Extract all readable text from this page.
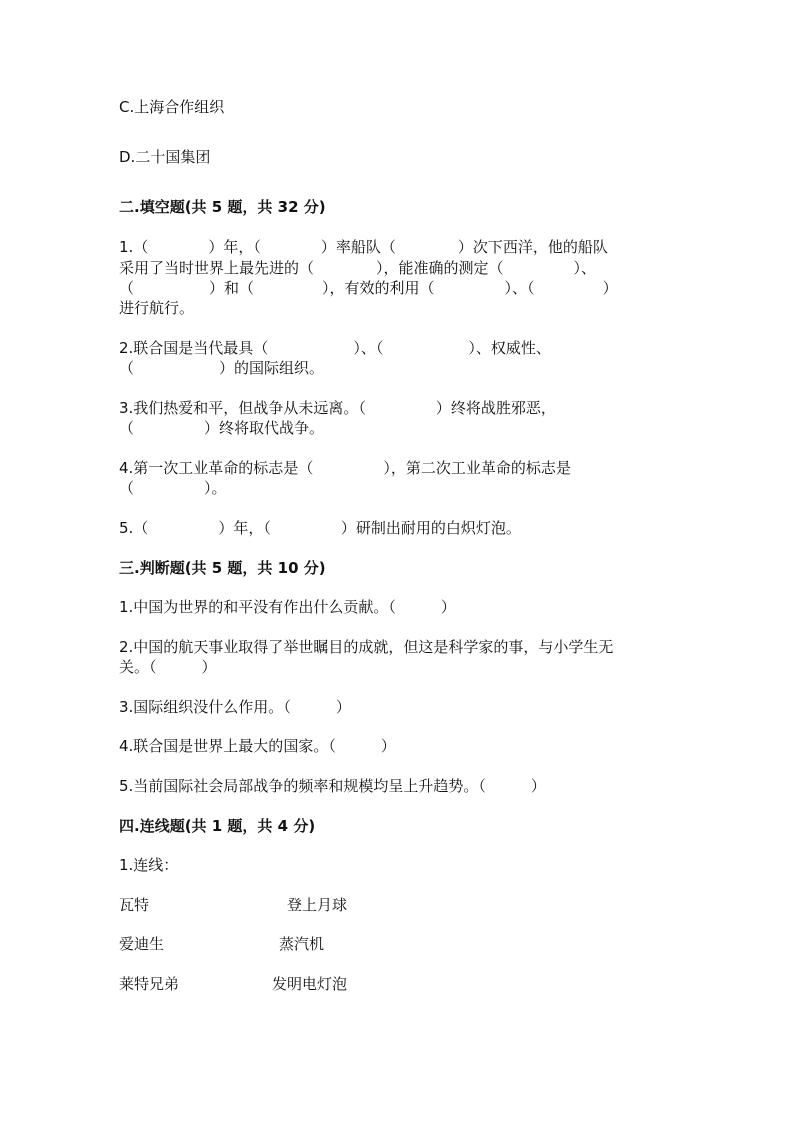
C.上海合作组织
D.二十国集团
二.填空题(共 5 题，共 32 分)
1.（	）年，（	）率船队（	）次下西洋，他的船队
采用了当时世界上最先进的（	），能准确的测定（	）、
（	）和（	），有效的利用（	）、（	）
进行航行。
2.联合国是当代最具（	）、（	）、权威性、
（	）的国际组织。
3.我们热爱和平，但战争从未远离。（	）终将战胜邪恶，
（	）终将取代战争。
4.第一次工业革命的标志是（	），第二次工业革命的标志是
（	）。
5.（	）年，（	）研制出耐用的白炽灯泡。
三.判断题(共 5 题，共 10 分)
1.中国为世界的和平没有作出什么贡献。（　　　）
2.中国的航天事业取得了举世瞩目的成就，但这是科学家的事，与小学生无
关。（　　　）
3.国际组织没什么作用。（　　　）
4.联合国是世界上最大的国家。（　　　）
5.当前国际社会局部战争的频率和规模均呈上升趋势。（　　　）
四.连线题(共 1 题，共 4 分)
1.连线：
瓦特	登上月球
爱迪生	蒸汽机
莱特兄弟	发明电灯泡
